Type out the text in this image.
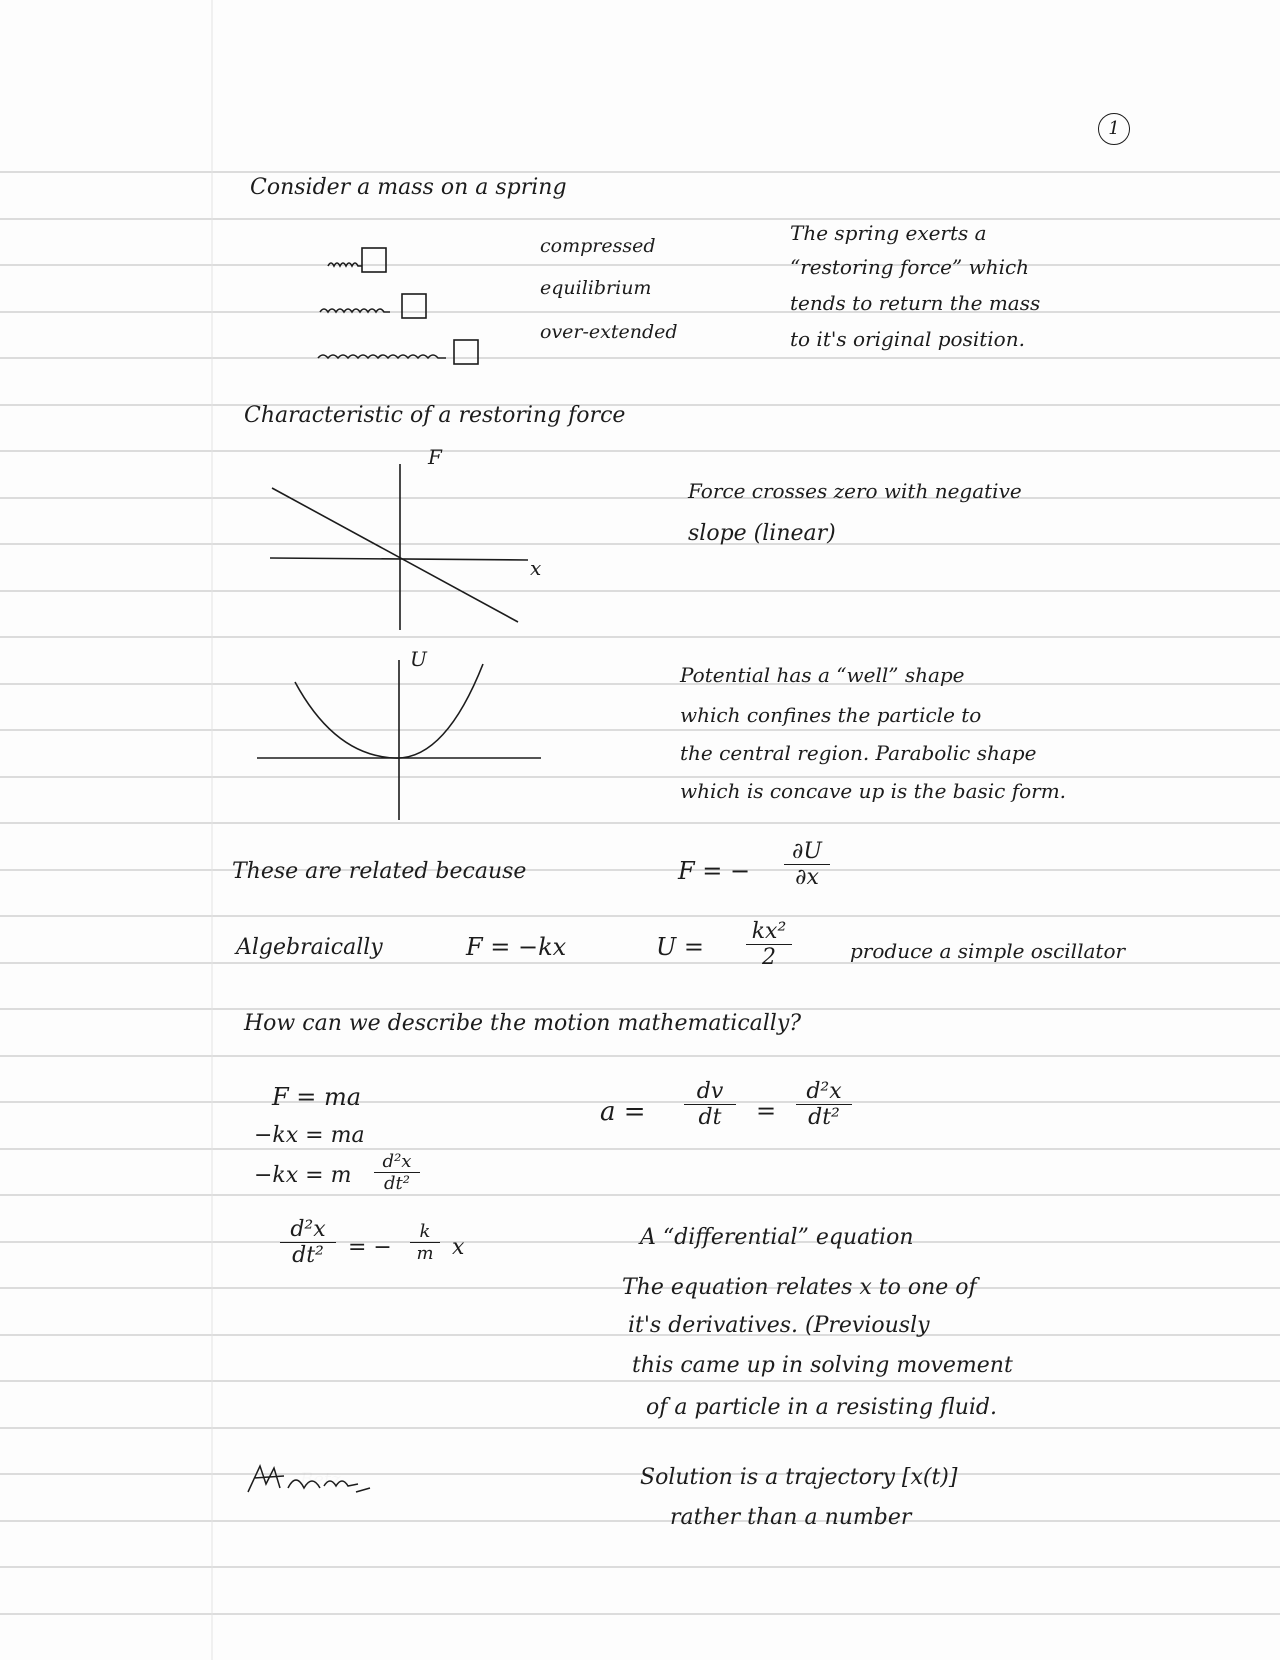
1
Consider a mass on a spring
compressed
equilibrium
over-extended
The spring exerts a
“restoring force” which
tends to return the mass
to it's original position.
Characteristic of a restoring force
F
x
Force crosses zero with negative
slope (linear)
U
Potential has a “well” shape
which confines the particle to
the central region. Parabolic shape
which is concave up is the basic form.
These are related because	F = − $\frac{\partial U}{\partial x}$
Algebraically	F = −kx	$U = \frac{\text{kx²}}{2}$	produce a simple oscillator
How can we describe the motion mathematically?
F = ma
−kx = ma
−kx = m $\frac{\text{d²x}}{\text{dt²}}$
$a = \frac{dv}{dt} = \frac{\text{d²x}}{\text{dt²}}$
$\frac{\text{d²x}}{\text{dt²}}$ = − $\frac{k}{m}$ x	A “differential” equation
The equation relates x to one of
it's derivatives. (Previously
this came up in solving movement
of a particle in a resisting fluid.
Solution is a trajectory [x(t)]
rather than a number
